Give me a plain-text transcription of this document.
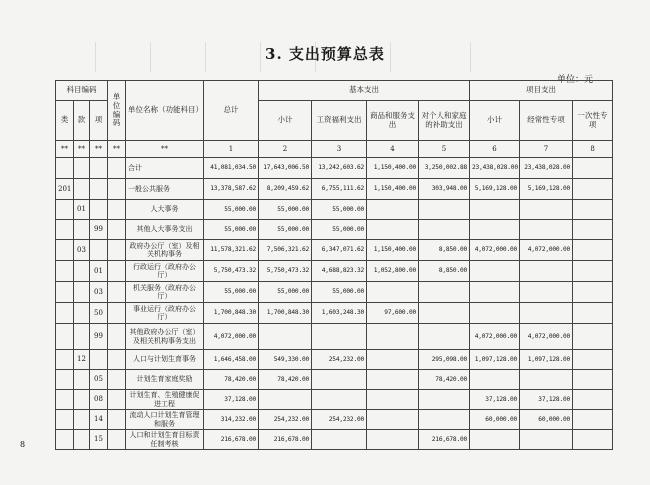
3. 支出预算总表
单位：元
科目编码			单位编码	单位名称（功能科目）	总计	基本支出				项目支出		
类	款	项				小计	工资福利支出	商品和服务支出	对个人和家庭的补助支出	小计	经常性专项	一次性专项
**	**	**	**	**	1	2	3	4	5	6	7	8
				合计	41,081,034.50	17,643,006.50	13,242,603.62	1,150,400.00	3,250,002.88	23,438,028.00	23,438,028.00	
201				一般公共服务	13,378,587.62	8,209,459.62	6,755,111.62	1,150,400.00	303,948.00	5,169,128.00	5,169,128.00	
	01			人大事务	55,000.00	55,000.00	55,000.00					
		99		其他人大事务支出	55,000.00	55,000.00	55,000.00					
	03			政府办公厅（室）及相关机构事务	11,578,321.62	7,506,321.62	6,347,071.62	1,150,400.00	8,850.00	4,072,000.00	4,072,000.00	
		01		行政运行（政府办公厅）	5,750,473.32	5,750,473.32	4,688,823.32	1,052,800.00	8,850.00			
		03		机关服务（政府办公厅）	55,000.00	55,000.00	55,000.00					
		50		事业运行（政府办公厅）	1,700,848.30	1,700,848.30	1,603,248.30	97,600.00				
		99		其他政府办公厅（室）及相关机构事务支出	4,072,000.00					4,072,000.00	4,072,000.00	
	12			人口与计划生育事务	1,646,458.00	549,330.00	254,232.00		295,098.00	1,097,128.00	1,097,128.00	
		05		计划生育家庭奖励	78,420.00	78,420.00			78,420.00			
		08		计划生育、生殖健康促进工程	37,128.00					37,128.00	37,128.00	
		14		流动人口计划生育管理和服务	314,232.00	254,232.00	254,232.00			60,000.00	60,000.00	
		15		人口和计划生育目标责任制考核	216,678.00	216,678.00			216,678.00			
8
